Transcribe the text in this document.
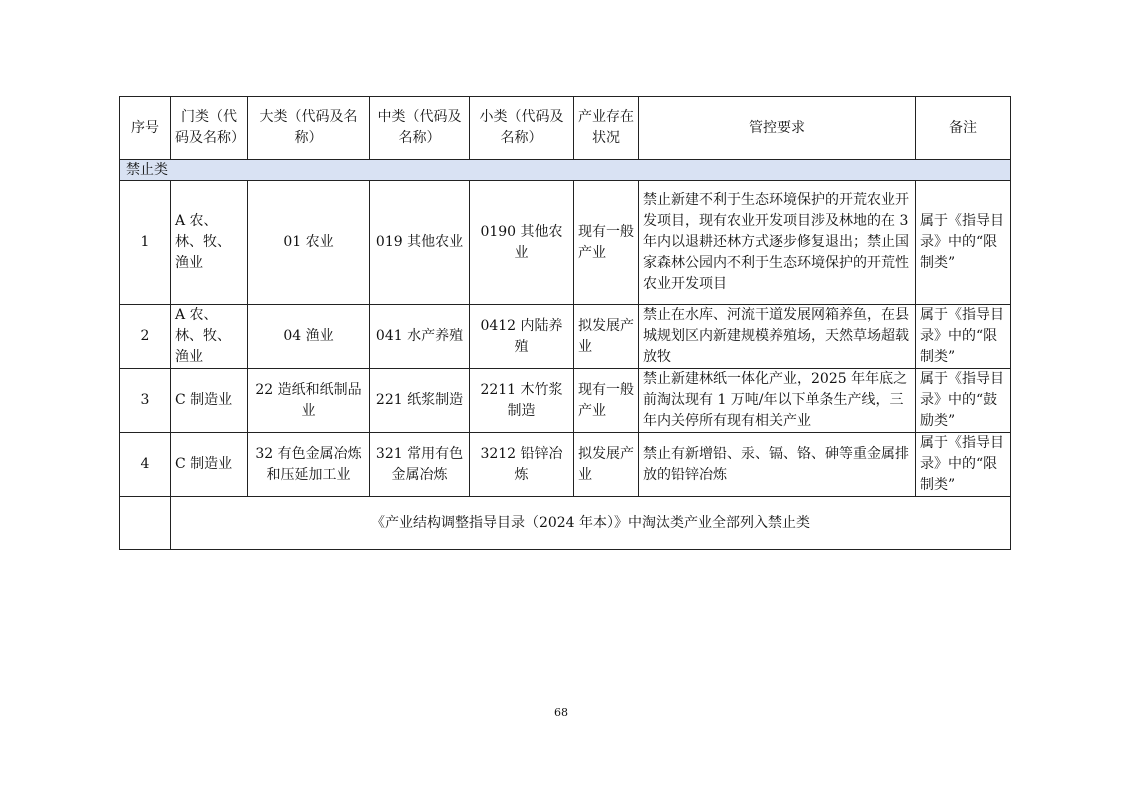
序号	门类（代码及名称）	大类（代码及名称）	中类（代码及名称）	小类（代码及名称）	产业存在状况	管控要求	备注
禁止类							
1	A 农、林、牧、渔业	01 农业	019 其他农业	0190 其他农业	现有一般产业	禁止新建不利于生态环境保护的开荒农业开发项目，现有农业开发项目涉及林地的在 3 年内以退耕还林方式逐步修复退出；禁止国家森林公园内不利于生态环境保护的开荒性农业开发项目	属于《指导目录》中的“限制类”
2	A 农、林、牧、渔业	04 渔业	041 水产养殖	0412 内陆养殖	拟发展产业	禁止在水库、河流干道发展网箱养鱼，在县城规划区内新建规模养殖场，天然草场超载放牧	属于《指导目录》中的“限制类”
3	C 制造业	22 造纸和纸制品业	221 纸浆制造	2211 木竹浆制造	现有一般产业	禁止新建林纸一体化产业，2025 年年底之前淘汰现有 1 万吨/年以下单条生产线，三年内关停所有现有相关产业	属于《指导目录》中的“鼓励类”
4	C 制造业	32 有色金属冶炼和压延加工业	321 常用有色金属冶炼	3212 铅锌冶炼	拟发展产业	禁止有新增铅、汞、镉、铬、砷等重金属排放的铅锌冶炼	属于《指导目录》中的“限制类”
	《产业结构调整指导目录（2024 年本）》中淘汰类产业全部列入禁止类						
68
